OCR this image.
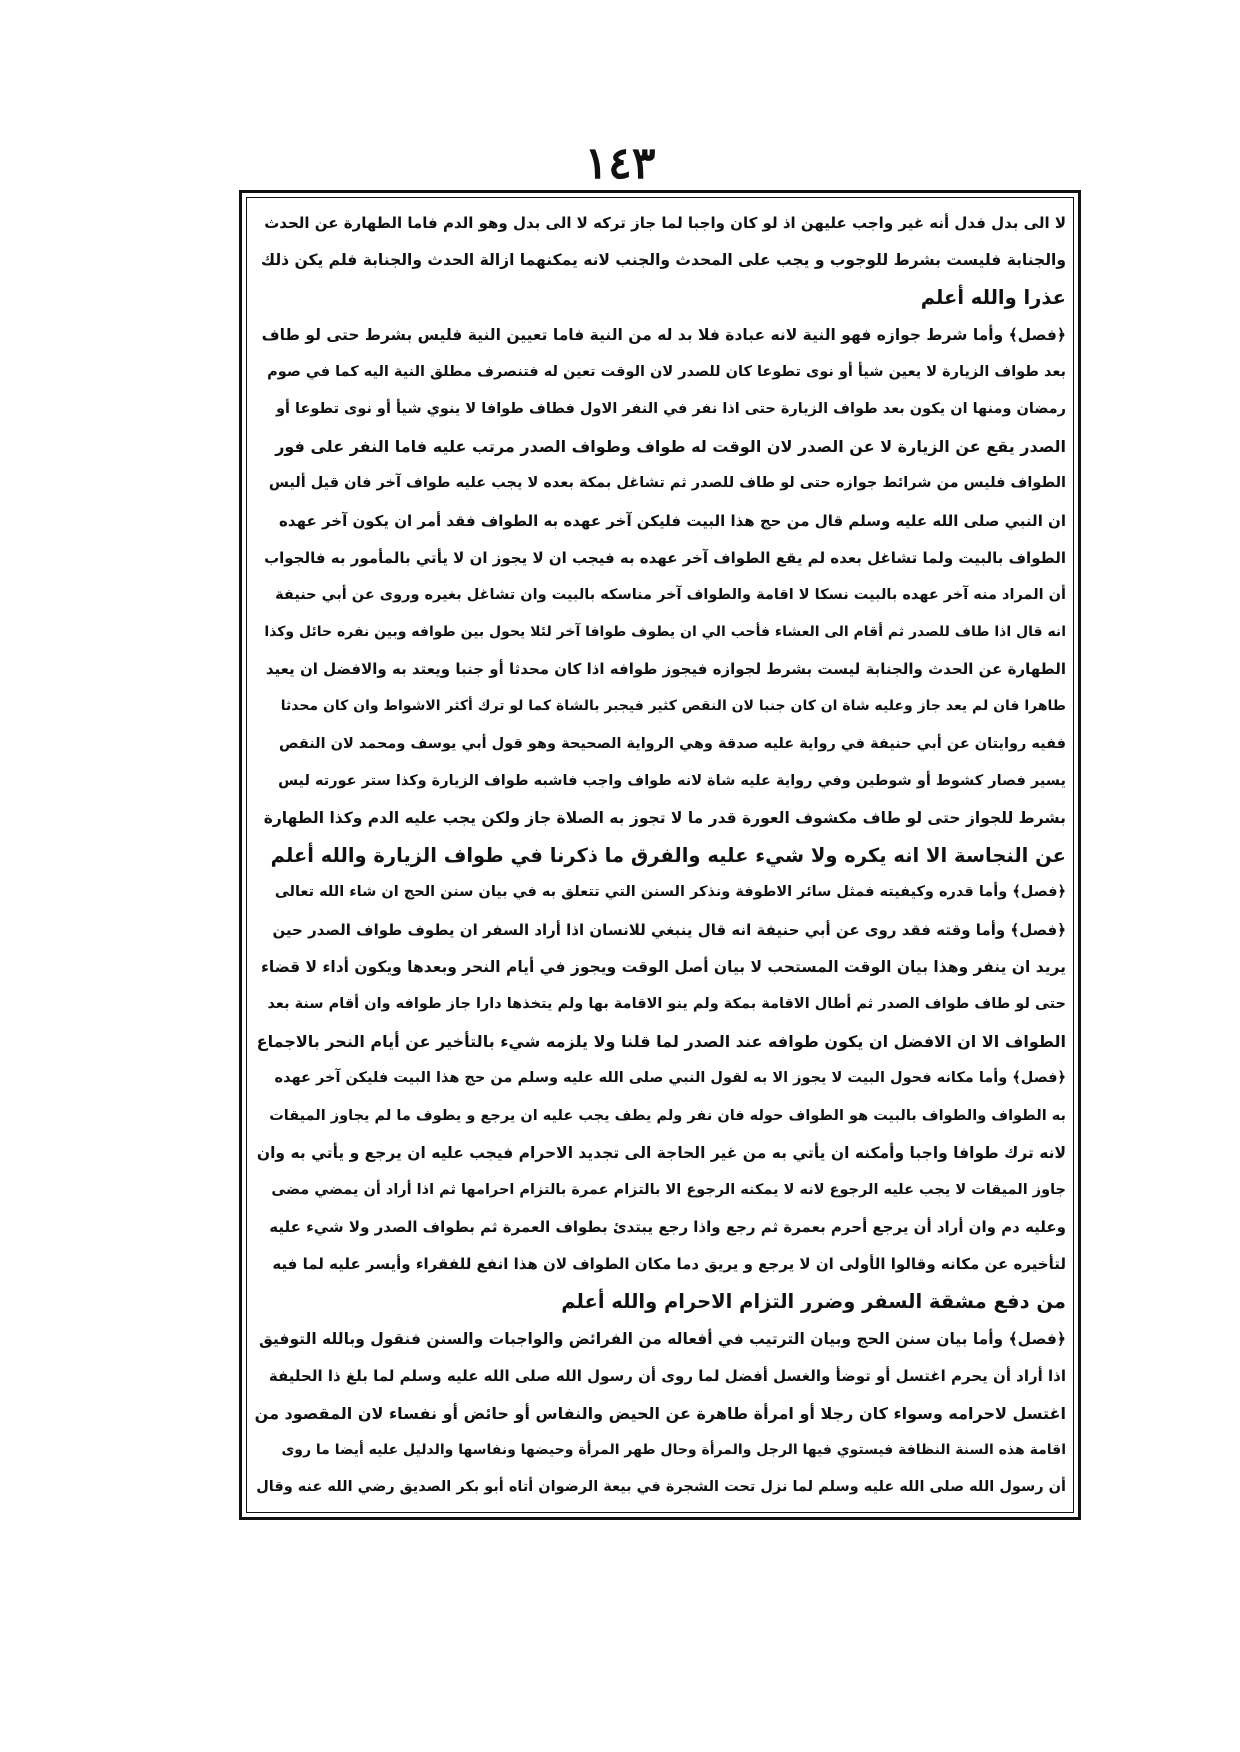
١٤٣
لا الى بدل فدل أنه غير واجب عليهن اذ لو كان واجبا لما جاز تركه لا الى بدل وهو الدم فاما الطهارة عن الحدث
والجنابة فليست بشرط للوجوب و يجب على المحدث والجنب لانه يمكنهما ازالة الحدث والجنابة فلم يكن ذلك
عذرا والله أعلم
﴿فصل﴾ وأما شرط جوازه فهو النية لانه عبادة فلا بد له من النية فاما تعيين النية فليس بشرط حتى لو طاف
بعد طواف الزيارة لا يعين شيأ أو نوى تطوعا كان للصدر لان الوقت تعين له فتنصرف مطلق النية اليه كما في صوم
رمضان ومنها ان يكون بعد طواف الزيارة حتى اذا نفر في النفر الاول فطاف طوافا لا ينوي شيأ أو نوى تطوعا أو
الصدر يقع عن الزيارة لا عن الصدر لان الوقت له طواف وطواف الصدر مرتب عليه فاما النفر على فور
الطواف فليس من شرائط جوازه حتى لو طاف للصدر ثم تشاغل بمكة بعده لا يجب عليه طواف آخر فان قيل أليس
ان النبي صلى الله عليه وسلم قال من حج هذا البيت فليكن آخر عهده به الطواف فقد أمر ان يكون آخر عهده
الطواف بالبيت ولما تشاغل بعده لم يقع الطواف آخر عهده به فيجب ان لا يجوز ان لا يأتي بالمأمور به فالجواب
أن المراد منه آخر عهده بالبيت نسكا لا اقامة والطواف آخر مناسكه بالبيت وان تشاغل بغيره وروى عن أبي حنيفة
انه قال اذا طاف للصدر ثم أقام الى العشاء فأحب الي ان يطوف طوافا آخر لئلا يحول بين طوافه وبين نفره حائل وكذا
الطهارة عن الحدث والجنابة ليست بشرط لجوازه فيجوز طوافه اذا كان محدثا أو جنبا ويعتد به والافضل ان يعيد
طاهرا فان لم يعد جاز وعليه شاة ان كان جنبا لان النقص كثير فيجبر بالشاة كما لو ترك أكثر الاشواط وان كان محدثا
ففيه روايتان عن أبي حنيفة في رواية عليه صدقة وهي الرواية الصحيحة وهو قول أبي يوسف ومحمد لان النقص
يسير فصار كشوط أو شوطين وفي رواية عليه شاة لانه طواف واجب فاشبه طواف الزيارة وكذا ستر عورته ليس
بشرط للجواز حتى لو طاف مكشوف العورة قدر ما لا تجوز به الصلاة جاز ولكن يجب عليه الدم وكذا الطهارة
عن النجاسة الا انه يكره ولا شيء عليه والفرق ما ذكرنا في طواف الزيارة والله أعلم
﴿فصل﴾ وأما قدره وكيفيته فمثل سائر الاطوفة ونذكر السنن التي تتعلق به في بيان سنن الحج ان شاء الله تعالى
﴿فصل﴾ وأما وقته فقد روى عن أبي حنيفة انه قال ينبغي للانسان اذا أراد السفر ان يطوف طواف الصدر حين
يريد ان ينفر وهذا بيان الوقت المستحب لا بيان أصل الوقت ويجوز في أيام النحر وبعدها ويكون أداء لا قضاء
حتى لو طاف طواف الصدر ثم أطال الاقامة بمكة ولم ينو الاقامة بها ولم يتخذها دارا جاز طوافه وان أقام سنة بعد
الطواف الا ان الافضل ان يكون طوافه عند الصدر لما قلنا ولا يلزمه شيء بالتأخير عن أيام النحر بالاجماع
﴿فصل﴾ وأما مكانه فحول البيت لا يجوز الا به لقول النبي صلى الله عليه وسلم من حج هذا البيت فليكن آخر عهده
به الطواف والطواف بالبيت هو الطواف حوله فان نفر ولم يطف يجب عليه ان يرجع و يطوف ما لم يجاوز الميقات
لانه ترك طوافا واجبا وأمكنه ان يأتي به من غير الحاجة الى تجديد الاحرام فيجب عليه ان يرجع و يأتي به وان
جاوز الميقات لا يجب عليه الرجوع لانه لا يمكنه الرجوع الا بالتزام عمرة بالتزام احرامها ثم اذا أراد أن يمضي مضى
وعليه دم وان أراد أن يرجع أحرم بعمرة ثم رجع واذا رجع يبتدئ بطواف العمرة ثم بطواف الصدر ولا شيء عليه
لتأخيره عن مكانه وقالوا الأولى ان لا يرجع و يريق دما مكان الطواف لان هذا انفع للفقراء وأيسر عليه لما فيه
من دفع مشقة السفر وضرر التزام الاحرام والله أعلم
﴿فصل﴾ وأما بيان سنن الحج وبيان الترتيب في أفعاله من الفرائض والواجبات والسنن فنقول وبالله التوفيق
اذا أراد أن يحرم اغتسل أو توضأ والغسل أفضل لما روى أن رسول الله صلى الله عليه وسلم لما بلغ ذا الحليفة
اغتسل لاحرامه وسواء كان رجلا أو امرأة طاهرة عن الحيض والنفاس أو حائض أو نفساء لان المقصود من
اقامة هذه السنة النظافة فيستوي فيها الرجل والمرأة وحال طهر المرأة وحيضها ونفاسها والدليل عليه أيضا ما روى
أن رسول الله صلى الله عليه وسلم لما نزل تحت الشجرة في بيعة الرضوان أتاه أبو بكر الصديق رضي الله عنه وقال
